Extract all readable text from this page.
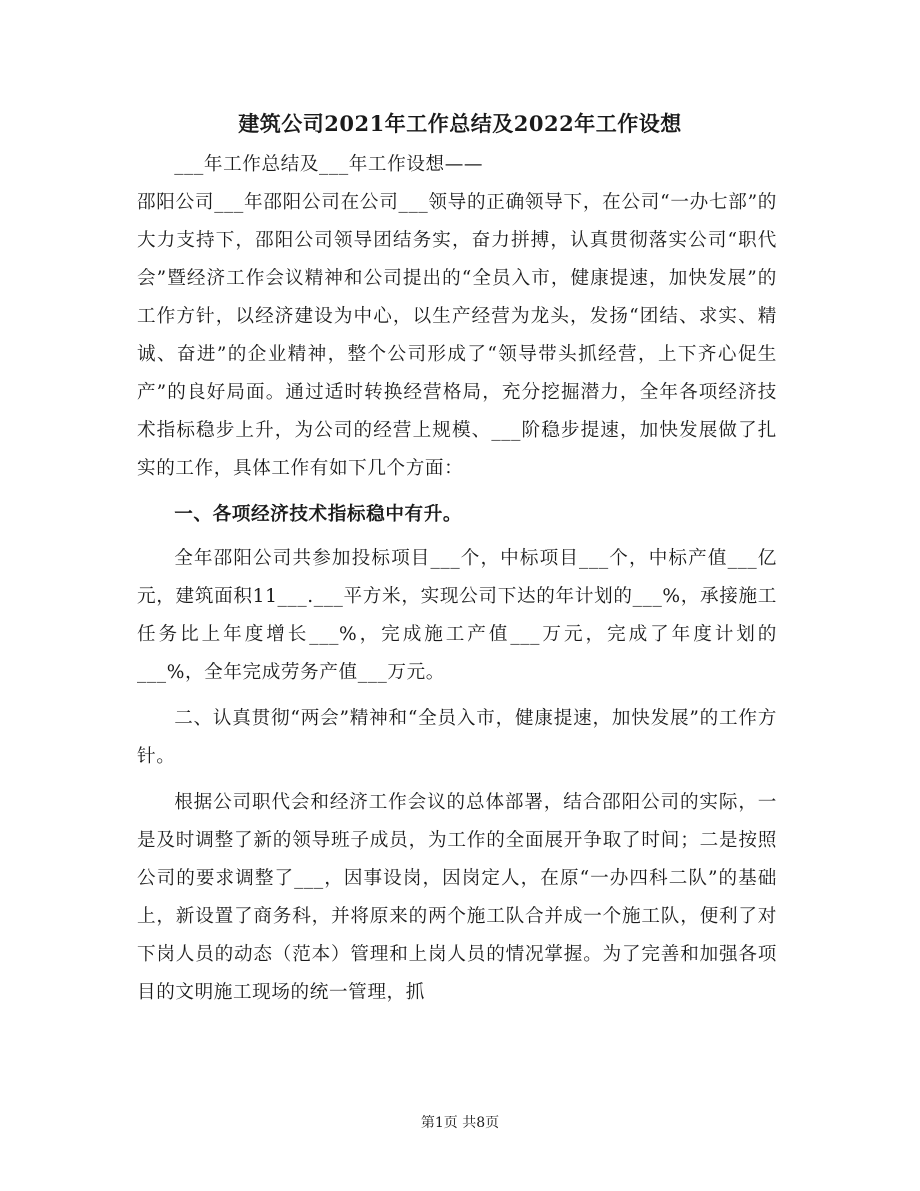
建筑公司2021年工作总结及2022年工作设想

___年工作总结及___年工作设想——

邵阳公司___年邵阳公司在公司___领导的正确领导下，在公司“一办七部”的大力支持下，邵阳公司领导团结务实，奋力拼搏，认真贯彻落实公司“职代会”暨经济工作会议精神和公司提出的“全员入市，健康提速，加快发展”的工作方针，以经济建设为中心，以生产经营为龙头，发扬“团结、求实、精诚、奋进”的企业精神，整个公司形成了“领导带头抓经营，上下齐心促生产”的良好局面。通过适时转换经营格局，充分挖掘潜力，全年各项经济技术指标稳步上升，为公司的经营上规模、___阶稳步提速，加快发展做了扎实的工作，具体工作有如下几个方面：

一、各项经济技术指标稳中有升。

全年邵阳公司共参加投标项目___个，中标项目___个，中标产值___亿元，建筑面积11___.___平方米，实现公司下达的年计划的___%，承接施工任务比上年度增长___%，完成施工产值___万元，完成了年度计划的___%，全年完成劳务产值___万元。

二、认真贯彻“两会”精神和“全员入市，健康提速，加快发展”的工作方针。

根据公司职代会和经济工作会议的总体部署，结合邵阳公司的实际，一是及时调整了新的领导班子成员，为工作的全面展开争取了时间；二是按照公司的要求调整了___，因事设岗，因岗定人，在原“一办四科二队”的基础上，新设置了商务科，并将原来的两个施工队合并成一个施工队，便利了对下岗人员的动态（范本）管理和上岗人员的情况掌握。为了完善和加强各项目的文明施工现场的统一管理，抓

第1页 共8页
